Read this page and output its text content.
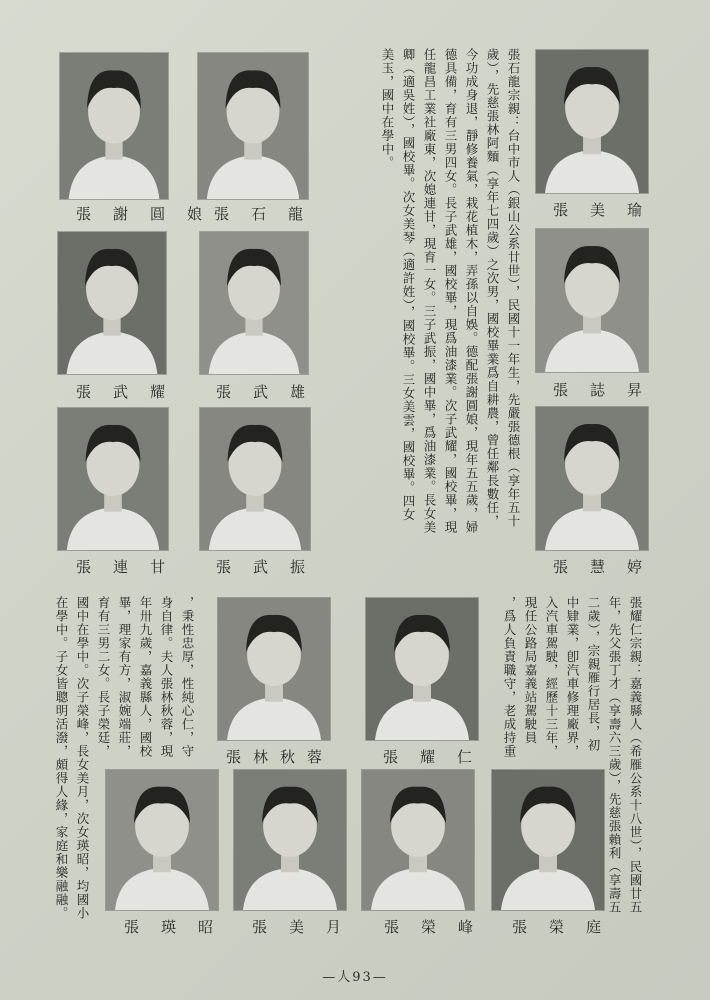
張謝圓娘
張石龍
張武耀 張武雄
張連甘 張武振
張美瑜
張誌昇
張慧婷
張石龍宗親：台中市人（銀山公系廿世），民國十一年生，先嚴張德根（享年五十
歲），先慈張林阿麵（享年七四歲）之次男，國校畢業爲自耕農，曾任鄰長數任，
今功成身退，靜修養氣，栽花植木，弄孫以自娛。德配張謝圓娘，現年五五歲，婦
德具備，育有三男四女。長子武雄，國校畢，現爲油漆業。次子武耀，國校畢，現
任龍昌工業社廠東，次媳連甘，現育一女。三子武振，國中畢，爲油漆業。長女美
卿（適吳姓），國校畢。次女美琴（適許姓），國校畢。三女美雲，國校畢。四女
美玉，國中在學中。
張林秋蓉	張耀仁	張耀仁宗親：嘉義縣人（希雁公系十八世），民國廿五
年，先父張丁才（享壽六三歲），先慈張賴利（享壽五
二歲），宗親雁行居長，初
中肄業，卽汽車修理廠界，
入汽車駕駛，經歷十三年，
現任公路局嘉義站駕駛員
，爲人負責職守，老成持重
，秉性忠厚，性純心仁，守
身自律。夫人張林秋蓉，現
年卅九歲，嘉義縣人，國校
畢，理家有方，淑婉端莊，
育有三男二女。長子榮廷，
國中在學中。次子榮峰，長女美月，次女瑛昭，均國小
在學中。子女皆聰明活潑，頗得人緣，家庭和樂融融。
張瑛昭 張美月 張榮峰 張榮庭
—人93—
